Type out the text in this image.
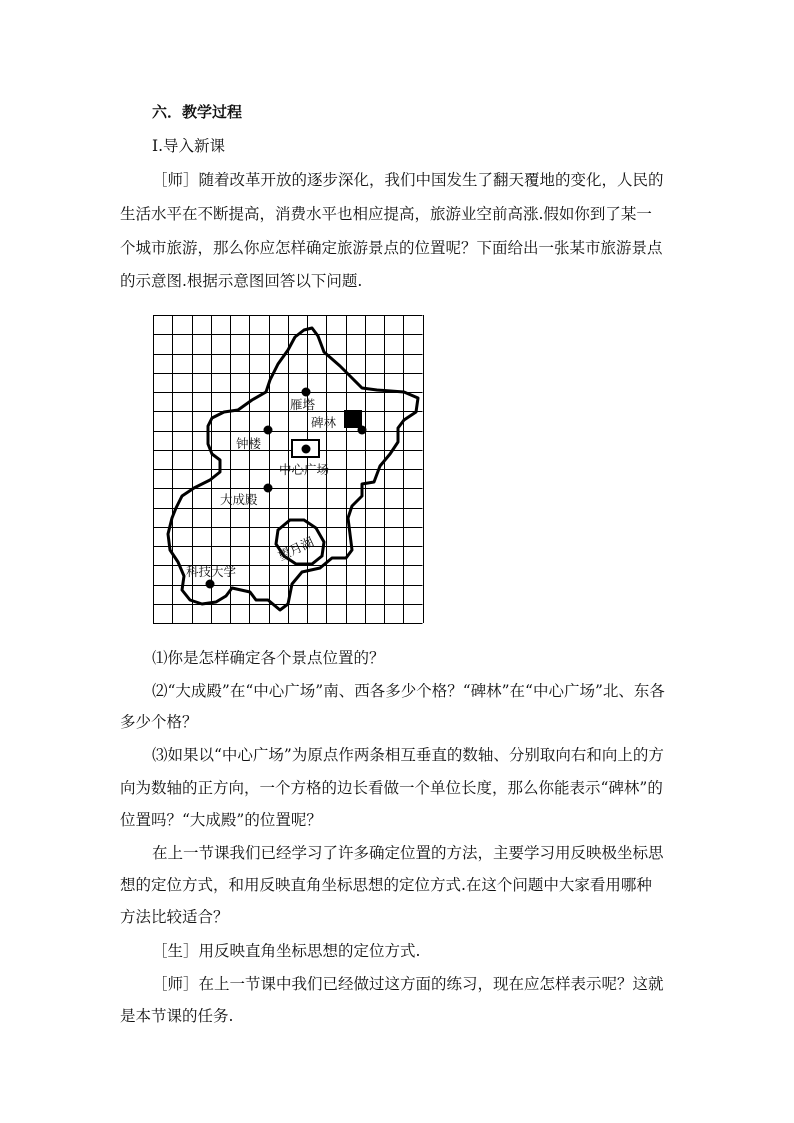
六．教学过程
Ⅰ.导入新课
［师］随着改革开放的逐步深化，我们中国发生了翻天覆地的变化，人民的
生活水平在不断提高，消费水平也相应提高，旅游业空前高涨.假如你到了某一
个城市旅游，那么你应怎样确定旅游景点的位置呢？下面给出一张某市旅游景点
的示意图.根据示意图回答以下问题.
雁塔
碑林
钟楼
中心广场
大成殿
望月湖
科技大学
⑴你是怎样确定各个景点位置的？
⑵“大成殿”在“中心广场”南、西各多少个格？“碑林”在“中心广场”北、东各
多少个格？
⑶如果以“中心广场”为原点作两条相互垂直的数轴、分别取向右和向上的方
向为数轴的正方向，一个方格的边长看做一个单位长度，那么你能表示“碑林”的
位置吗？“大成殿”的位置呢？
在上一节课我们已经学习了许多确定位置的方法，主要学习用反映极坐标思
想的定位方式，和用反映直角坐标思想的定位方式.在这个问题中大家看用哪种
方法比较适合？
［生］用反映直角坐标思想的定位方式.
［师］在上一节课中我们已经做过这方面的练习，现在应怎样表示呢？这就
是本节课的任务.
